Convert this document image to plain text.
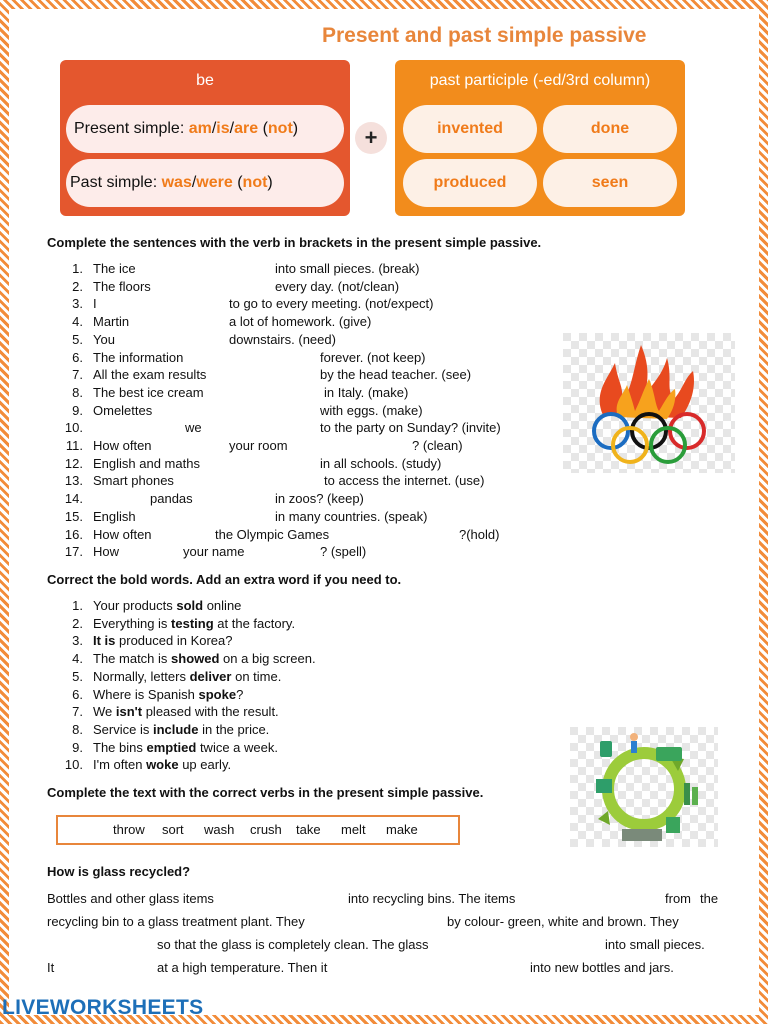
Present and past simple passive
be
Present simple: am / is / are ( not )
Past simple: was / were ( not )
+
past participle (-ed/3rd column)
invented	done
produced	seen
Complete the sentences with the verb in brackets in the present simple passive.
1. The ice	into small pieces. (break)
2. The floors	every day. (not/clean)
3. I	to go to every meeting. (not/expect)
4. Martin	a lot of homework. (give)
5. You	downstairs. (need)
6. The information	forever. (not keep)
7. All the exam results	by the head teacher. (see)
8. The best ice cream	in Italy. (make)
9. Omelettes	with eggs. (make)
10.	we	to the party on Sunday? (invite)
11. How often	your room	? (clean)
12. English and maths	in all schools. (study)
13. Smart phones	to access the internet. (use)
14.	pandas	in zoos? (keep)
15. English	in many countries. (speak)
16. How often	the Olympic Games	?(hold)
17. How	your name	? (spell)
Correct the bold words. Add an extra word if you need to.
1. Your products sold online
2. Everything is testing at the factory.
3. It is produced in Korea?
4. The match is showed on a big screen.
5. Normally, letters deliver on time.
6. Where is Spanish spoke?
7. We isn't pleased with the result.
8. Service is include in the price.
9. The bins emptied twice a week.
10. I'm often woke up early.
Complete the text with the correct verbs in the present simple passive.
throw sort wash crush take melt make
How is glass recycled?
Bottles and other glass items	into recycling bins. The items	from the
recycling bin to a glass treatment plant. They	by colour- green, white and brown. They
so that the glass is completely clean. The glass	into small pieces.
It	at a high temperature. Then it	into new bottles and jars.
LIVEWORKSHEETS
